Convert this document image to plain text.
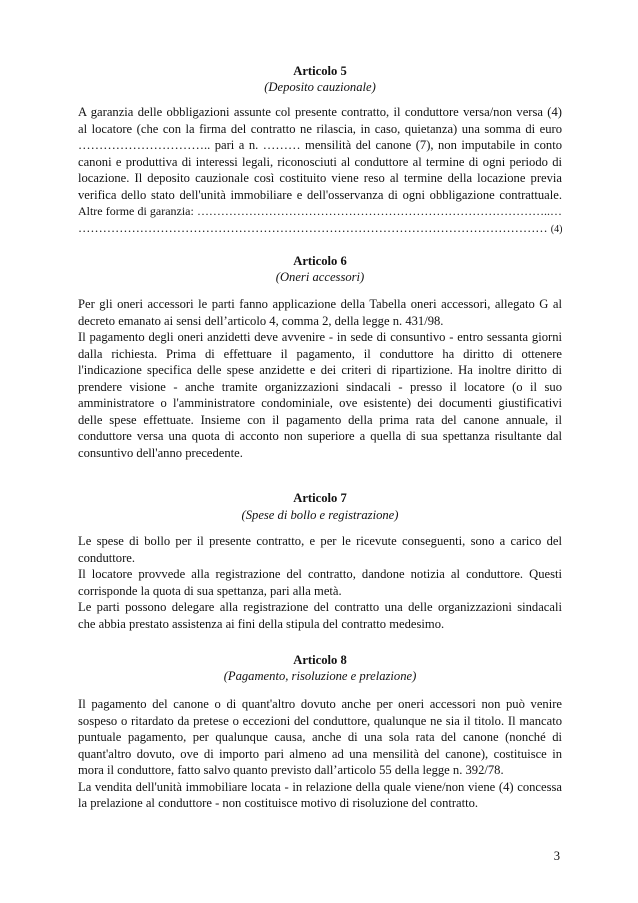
Articolo 5

(Deposito cauzionale)

A garanzia delle obbligazioni assunte col presente contratto, il conduttore versa/non versa (4)
al locatore (che con la firma del contratto ne rilascia, in caso, quietanza) una somma di euro
………………………….. pari a n. ……… mensilità del canone (7), non imputabile in conto
canoni e produttiva di interessi legali, riconosciuti al conduttore al termine di ogni periodo di
locazione. Il deposito cauzionale così costituito viene reso al termine della locazione previa
verifica dello stato dell'unità immobiliare e dell'osservanza di ogni obbligazione contrattuale.
Altre forme di garanzia: ……………………………………………………………………………..…
…………………………………………………………………………………………………… (4)

Articolo 6

(Oneri accessori)

Per gli oneri accessori le parti fanno applicazione della Tabella oneri accessori, allegato G al
decreto emanato ai sensi dell’articolo 4, comma 2, della legge n. 431/98.
Il pagamento degli oneri anzidetti deve avvenire - in sede di consuntivo - entro sessanta giorni
dalla richiesta. Prima di effettuare il pagamento, il conduttore ha diritto di ottenere
l'indicazione specifica delle spese anzidette e dei criteri di ripartizione. Ha inoltre diritto di
prendere visione - anche tramite organizzazioni sindacali - presso il locatore (o il suo
amministratore o l'amministratore condominiale, ove esistente) dei documenti giustificativi
delle spese effettuate. Insieme con il pagamento della prima rata del canone annuale, il
conduttore versa una quota di acconto non superiore a quella di sua spettanza risultante dal
consuntivo dell'anno precedente.

Articolo 7

(Spese di bollo e registrazione)

Le spese di bollo per il presente contratto, e per le ricevute conseguenti, sono a carico del
conduttore.
Il locatore provvede alla registrazione del contratto, dandone notizia al conduttore. Questi
corrisponde la quota di sua spettanza, pari alla metà.
Le parti possono delegare alla registrazione del contratto una delle organizzazioni sindacali
che abbia prestato assistenza ai fini della stipula del contratto medesimo.

Articolo 8

(Pagamento, risoluzione e prelazione)

Il pagamento del canone o di quant'altro dovuto anche per oneri accessori non può venire
sospeso o ritardato da pretese o eccezioni del conduttore, qualunque ne sia il titolo. Il mancato
puntuale pagamento, per qualunque causa, anche di una sola rata del canone (nonché di
quant'altro dovuto, ove di importo pari almeno ad una mensilità del canone), costituisce in
mora il conduttore, fatto salvo quanto previsto dall’articolo 55 della legge n. 392/78.
La vendita dell'unità immobiliare locata - in relazione della quale viene/non viene (4) concessa
la prelazione al conduttore - non costituisce motivo di risoluzione del contratto.

3
